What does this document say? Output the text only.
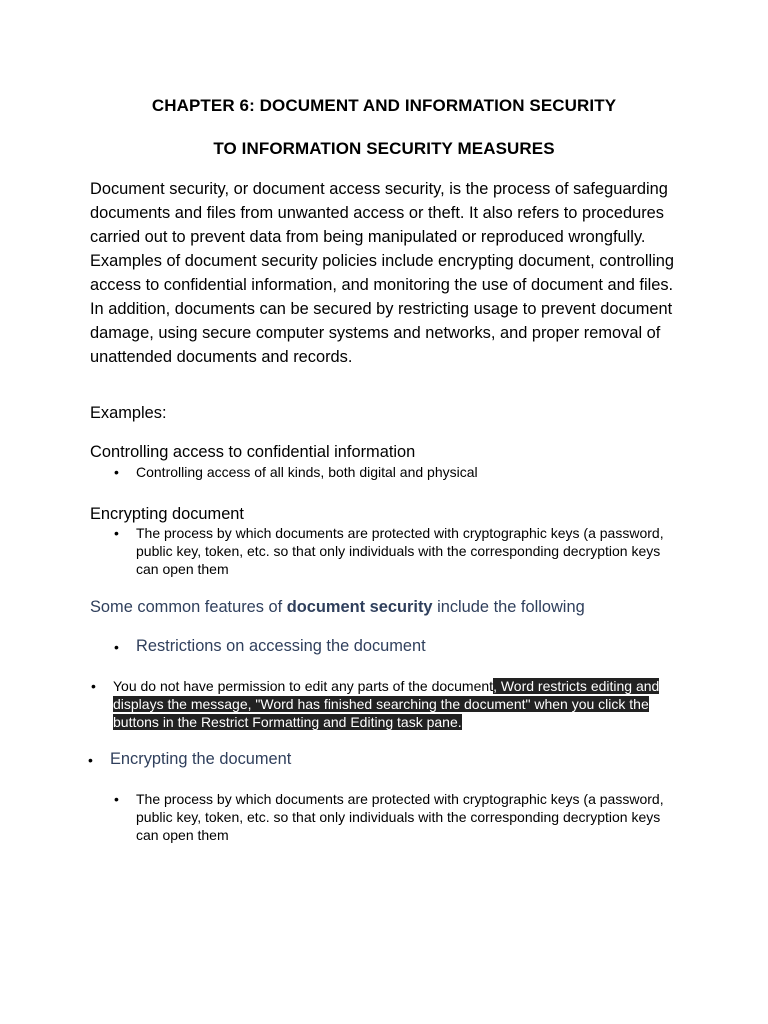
CHAPTER 6: DOCUMENT AND INFORMATION SECURITY
TO INFORMATION SECURITY MEASURES

Document security, or document access security, is the process of safeguarding documents and files from unwanted access or theft. It also refers to procedures carried out to prevent data from being manipulated or reproduced wrongfully. Examples of document security policies include encrypting document, controlling access to confidential information, and monitoring the use of document and files. In addition, documents can be secured by restricting usage to prevent document damage, using secure computer systems and networks, and proper removal of unattended documents and records.

Examples:

Controlling access to confidential information

• Controlling access of all kinds, both digital and physical

Encrypting document

• The process by which documents are protected with cryptographic keys (a password, public key, token, etc. so that only individuals with the corresponding decryption keys can open them

Some common features of document security include the following

• Restrictions on accessing the document
• You do not have permission to edit any parts of the document, Word restricts editing and displays the message, "Word has finished searching the document" when you click the buttons in the Restrict Formatting and Editing task pane.
• Encrypting the document
• The process by which documents are protected with cryptographic keys (a password, public key, token, etc. so that only individuals with the corresponding decryption keys can open them
